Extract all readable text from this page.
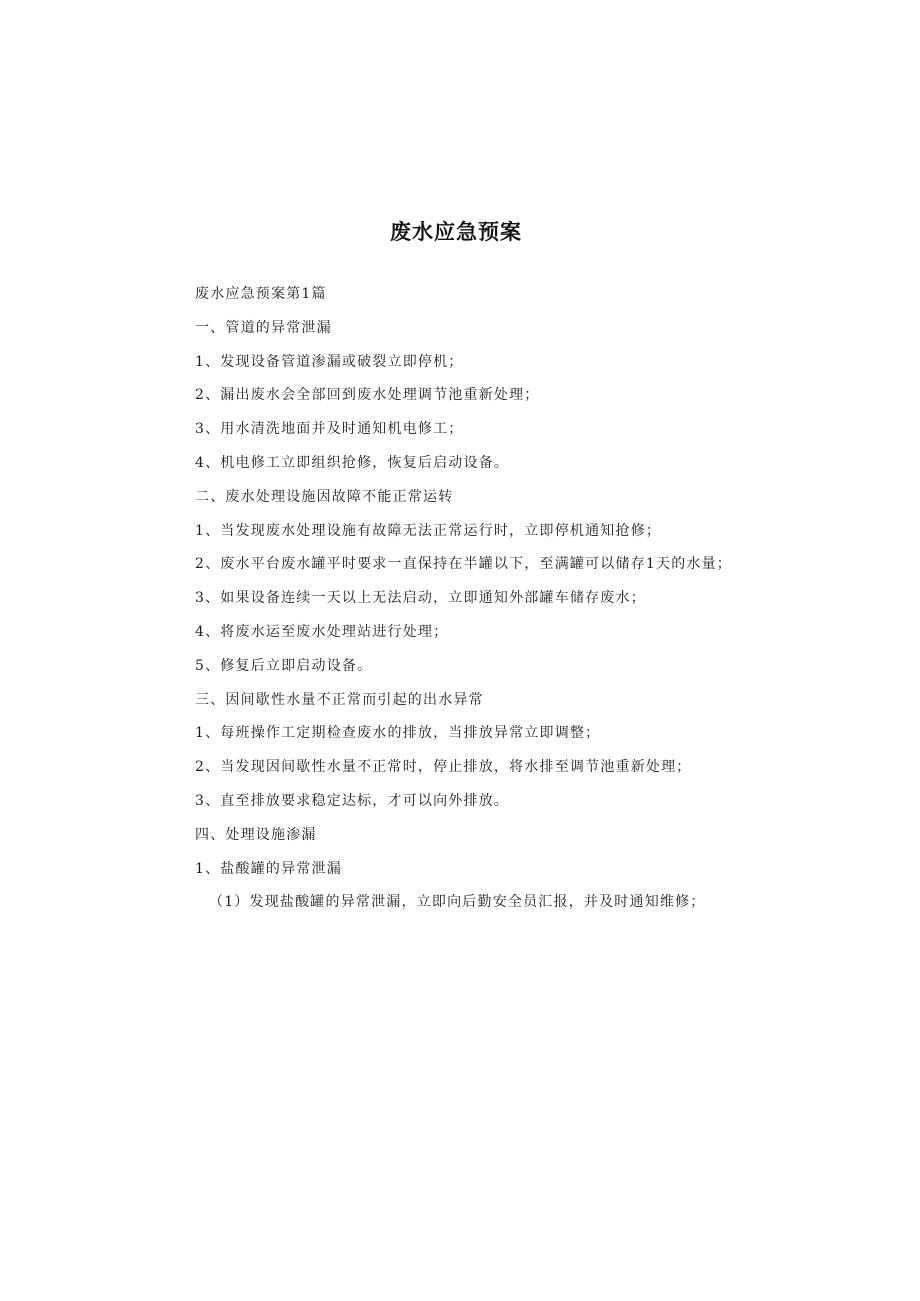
废水应急预案

废水应急预案第1篇

一、管道的异常泄漏

1、发现设备管道渗漏或破裂立即停机；

2、漏出废水会全部回到废水处理调节池重新处理；

3、用水清洗地面并及时通知机电修工；

4、机电修工立即组织抢修，恢复后启动设备。

二、废水处理设施因故障不能正常运转

1、当发现废水处理设施有故障无法正常运行时，立即停机通知抢修；

2、废水平台废水罐平时要求一直保持在半罐以下，至满罐可以储存1天的水量；

3、如果设备连续一天以上无法启动，立即通知外部罐车储存废水；

4、将废水运至废水处理站进行处理；

5、修复后立即启动设备。

三、因间歇性水量不正常而引起的出水异常

1、每班操作工定期检查废水的排放，当排放异常立即调整；

2、当发现因间歇性水量不正常时，停止排放，将水排至调节池重新处理；

3、直至排放要求稳定达标，才可以向外排放。

四、处理设施渗漏

1、盐酸罐的异常泄漏

（1）发现盐酸罐的异常泄漏，立即向后勤安全员汇报，并及时通知维修；
